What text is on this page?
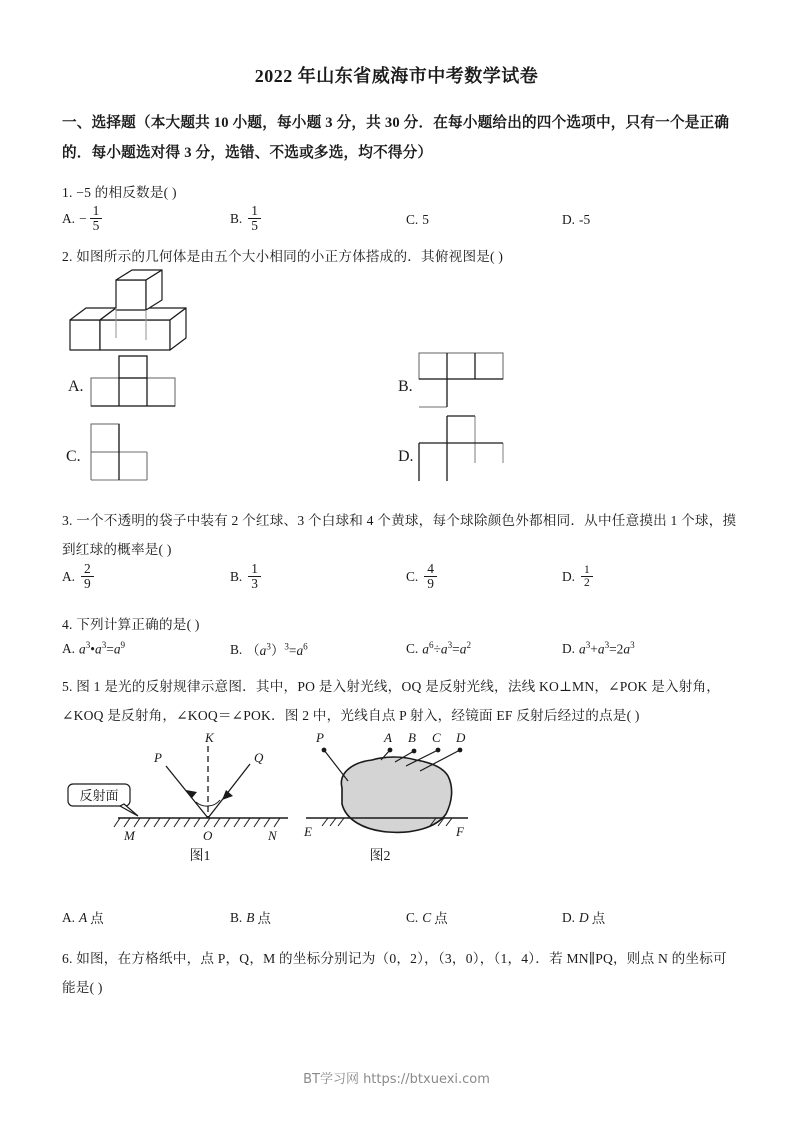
2022 年山东省威海市中考数学试卷
一、选择题（本大题共 10 小题，每小题 3 分，共 30 分．在每小题给出的四个选项中，只有一个是正确的．每小题选对得 3 分，选错、不选或多选，均不得分）
1. −5 的相反数是( )
A. − $\frac{1}{5}$	B. $\frac{1}{5}$	C. 5	D. -5
2. 如图所示的几何体是由五个大小相同的小正方体搭成的．其俯视图是( )
A.	B.
C.	D.
3. 一个不透明的袋子中装有 2 个红球、3 个白球和 4 个黄球，每个球除颜色外都相同．从中任意摸出 1 个球，摸到红球的概率是( )
A. $\frac{2}{9}$	B. $\frac{1}{3}$	C. $\frac{4}{9}$	D. $\frac{1}{2}$
4. 下列计算正确的是( )
A. $a^3•a^3=a^9$	B. $(a^3)^3=a^6$	C. $a^6\div a^3=a^2$	D. $a^3+a^3=2a^3$
5. 图 1 是光的反射规律示意图．其中，PO 是入射光线，OQ 是反射光线，法线 KO⊥MN，∠POK 是入射角，∠KOQ 是反射角，∠KOQ＝∠POK．图 2 中，光线自点 P 射入，经镜面 EF 反射后经过的点是( )
反射面
P
K
Q
M	O	N
图1
P	A B C D
E	F
图2
A. A 点	B. B 点	C. C 点	D. D 点
6. 如图，在方格纸中，点 P，Q，M 的坐标分别记为（0，2），（3，0），（1，4）．若 MN∥PQ，则点 N 的坐标可能是( )
BT学习网 https://btxuexi.com
